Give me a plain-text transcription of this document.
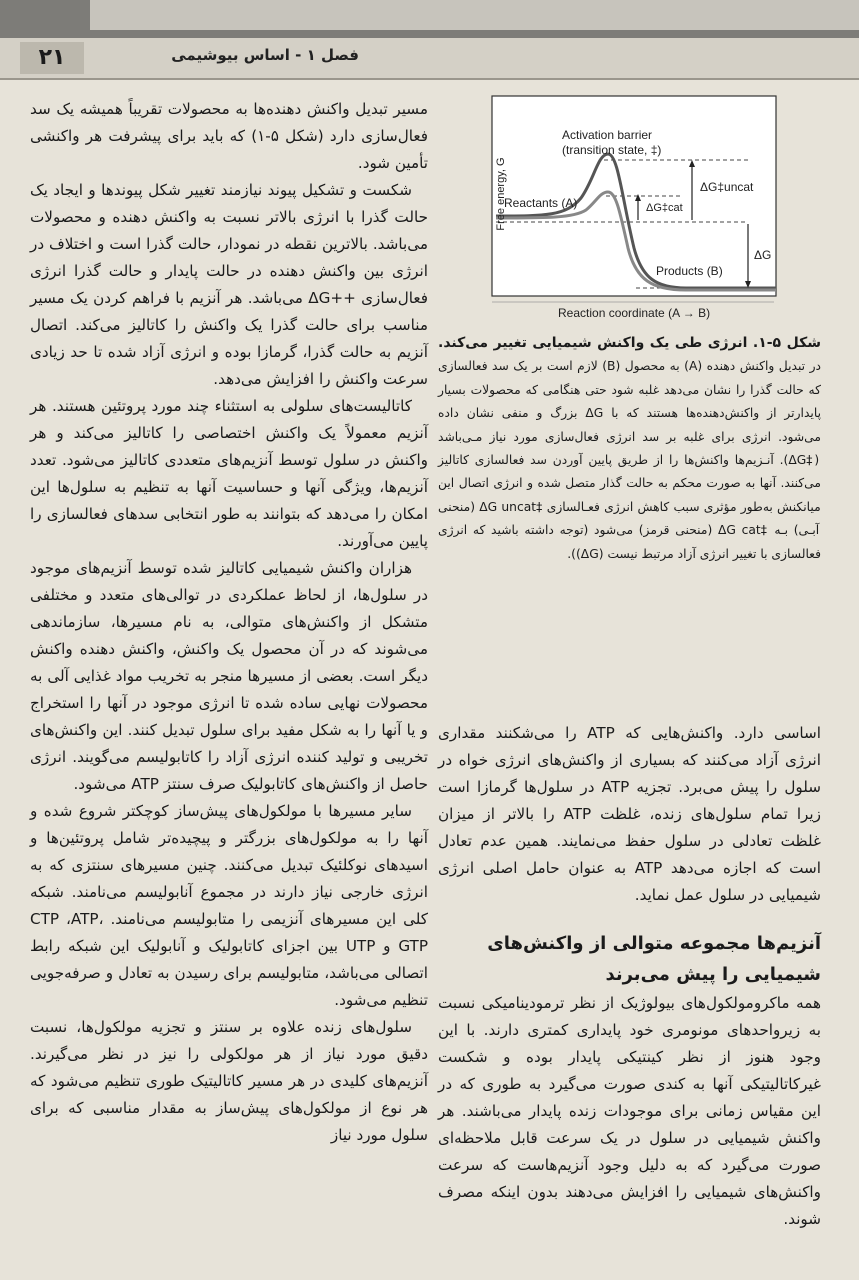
۲۱	فصل ۱ - اساس بیوشیمی

مسیر تبدیل واکنش دهنده‌ها به محصولات تقریباً همیشه یک سد فعال‌سازی دارد (شکل ۵-۱) که باید برای پیشرفت هر واکنشی تأمین شود.

شکست و تشکیل پیوند نیازمند تغییر شکل پیوندها و ایجاد یک حالت گذرا با انرژی بالاتر نسبت به واکنش دهنده و محصولات می‌باشد. بالاترین نقطه در نمودار، حالت گذرا است و اختلاف در انرژی بین واکنش دهنده در حالت پایدار و حالت گذرا انرژی فعال‌سازی ++ΔG می‌باشد. هر آنزیم با فراهم کردن یک مسیر مناسب برای حالت گذرا یک واکنش را کاتالیز می‌کند. اتصال آنزیم به حالت گذرا، گرمازا بوده و انرژی آزاد شده تا حد زیادی سرعت واکنش را افزایش می‌دهد.

کاتالیست‌های سلولی به استثناء چند مورد پروتئین هستند. هر آنزیم معمولاً یک واکنش اختصاصی را کاتالیز می‌کند و هر واکنش در سلول توسط آنزیم‌های متعددی کاتالیز می‌شود. تعدد آنزیم‌ها، ویژگی آنها و حساسیت آنها به تنظیم به سلول‌ها این امکان را می‌دهد که بتوانند به طور انتخابی سدهای فعالسازی را پایین می‌آورند.

هزاران واکنش شیمیایی کاتالیز شده توسط آنزیم‌های موجود در سلول‌ها، از لحاظ عملکردی در توالی‌های متعدد و مختلفی متشکل از واکنش‌های متوالی، به نام مسیرها، سازماندهی می‌شوند که در آن محصول یک واکنش، واکنش دهنده واکنش دیگر است. بعضی از مسیرها منجر به تخریب مواد غذایی آلی به محصولات نهایی ساده شده تا انرژی موجود در آنها را استخراج و یا آنها را به شکل مفید برای سلول تبدیل کنند. این واکنش‌های تخریبی و تولید کننده انرژی آزاد را کاتابولیسم می‌گویند. انرژی حاصل از واکنش‌های کاتابولیک صرف سنتز ATP می‌شود.

سایر مسیرها با مولکول‌های پیش‌ساز کوچکتر شروع شده و آنها را به مولکول‌های بزرگتر و پیچیده‌تر شامل پروتئین‌ها و اسیدهای نوکلئیک تبدیل می‌کنند. چنین مسیرهای سنتزی که به انرژی خارجی نیاز دارند در مجموع آنابولیسم می‌نامند. شبکه کلی این مسیرهای آنزیمی را متابولیسم می‌نامند. CTP ،ATP، GTP و UTP بین اجزای کاتابولیک و آنابولیک این شبکه رابط اتصالی می‌باشد، متابولیسم برای رسیدن به تعادل و صرفه‌جویی تنظیم می‌شود.

سلول‌های زنده علاوه بر سنتز و تجزیه مولکول‌ها، نسبت دقیق مورد نیاز از هر مولکولی را نیز در نظر می‌گیرند. آنزیم‌های کلیدی در هر مسیر کاتالیتیک طوری تنظیم می‌شود که هر نوع از مولکول‌های پیش‌ساز به مقدار مناسبی که برای سلول مورد نیاز

Free energy, G
Activation barrier
(transition state, ‡)
Reactants (A)
Products (B)
ΔG‡uncat
ΔG‡cat
ΔG
Reaction coordinate (A → B)
شکل ۵-۱. انرژی طی یک واکنش شیمیایی تغییر می‌کند. در تبدیل واکنش دهنده (A) به محصول (B) لازم است بر یک سد فعالسازی که حالت گذرا را نشان می‌دهد غلبه شود حتی هنگامی که محصولات بسیار پایدارتر از واکنش‌دهنده‌ها هستند که با ΔG بزرگ و منفی نشان داده می‌شود. انرژی برای غلبه بر سد انرژی فعال‌سازی مورد نیاز مـی‌باشد (‡ΔG). آنـزیم‌ها واکنش‌ها را از طریق پایین آوردن سد فعالسازی کاتالیز می‌کنند. آنها به صورت محکم به حالت گذار متصل شده و انرژی اتصال این میانکنش به‌طور مؤثری سبب کاهش انرژی فعـالسازی ‡ΔG uncat (منحنی آبـی) بـه ‡ΔG cat (منحنی قرمز) می‌شود (توجه داشته باشید که انرژی فعالسازی با تغییر انرژی آزاد مرتبط نیست (ΔG)).

اساسی دارد. واکنش‌هایی که ATP را می‌شکنند مقداری انرژی آزاد می‌کنند که بسیاری از واکنش‌های انرژی خواه در سلول را پیش می‌برد. تجزیه ATP در سلول‌ها گرمازا است زیرا تمام سلول‌های زنده، غلظت ATP را بالاتر از میزان غلظت تعادلی در سلول حفظ می‌نمایند. همین عدم تعادل است که اجازه می‌دهد ATP به عنوان حامل اصلی انرژی شیمیایی در سلول عمل نماید.

آنزیم‌ها مجموعه متوالی از واکنش‌های شیمیایی را پیش می‌برند

همه ماکرومولکول‌های بیولوژیک از نظر ترمودینامیکی نسبت به زیرواحدهای مونومری خود پایداری کمتری دارند. با این وجود هنوز از نظر کینتیکی پایدار بوده و شکست غیرکاتالیتیکی آنها به کندی صورت می‌گیرد به طوری که در این مقیاس زمانی برای موجودات زنده پایدار می‌باشند. هر واکنش شیمیایی در سلول در یک سرعت قابل ملاحظه‌ای صورت می‌گیرد که به دلیل وجود آنزیم‌هاست که سرعت واکنش‌های شیمیایی را افزایش می‌دهند بدون اینکه مصرف شوند.
